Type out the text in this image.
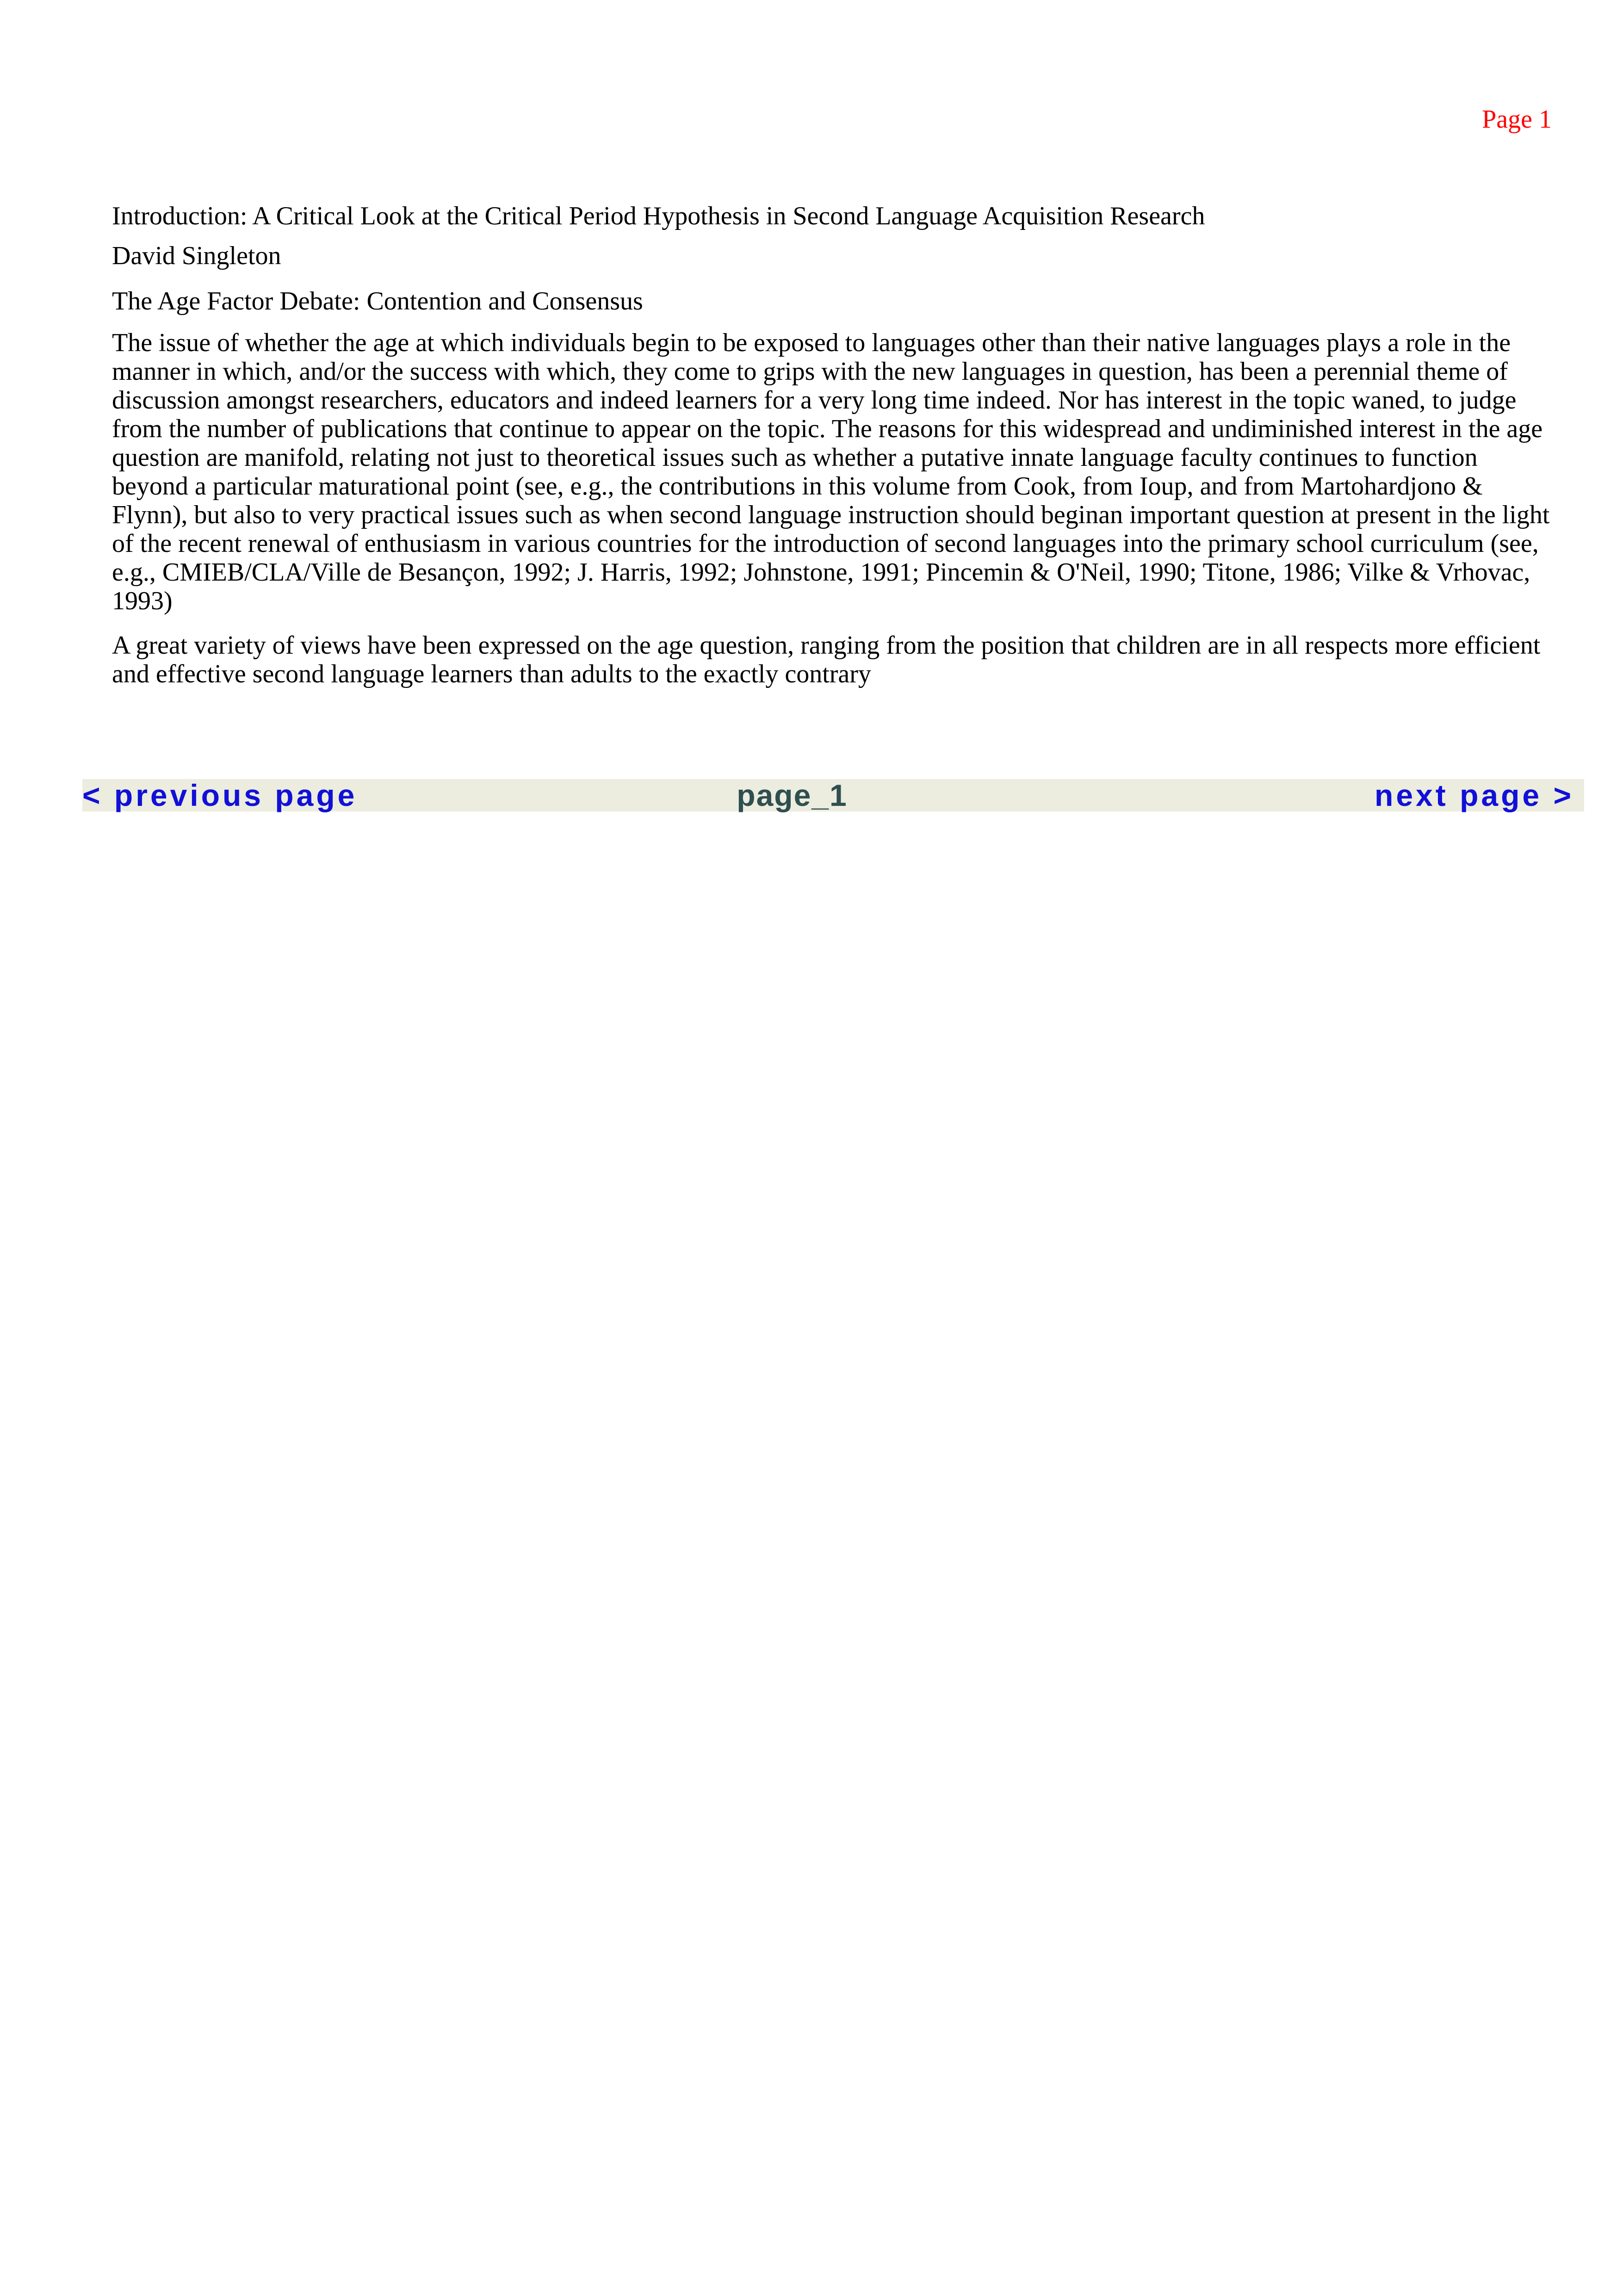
Page 1

Introduction: A Critical Look at the Critical Period Hypothesis in Second Language Acquisition Research

David Singleton

The Age Factor Debate: Contention and Consensus

The issue of whether the age at which individuals begin to be exposed to languages other than their native languages plays a role in the manner in which, and/or the success with which, they come to grips with the new languages in question, has been a perennial theme of discussion amongst researchers, educators and indeed learners for a very long time indeed. Nor has interest in the topic waned, to judge from the number of publications that continue to appear on the topic. The reasons for this widespread and undiminished interest in the age question are manifold, relating not just to theoretical issues such as whether a putative innate language faculty continues to function beyond a particular maturational point (see, e.g., the contributions in this volume from Cook, from Ioup, and from Martohardjono & Flynn), but also to very practical issues such as when second language instruction should beginan important question at present in the light of the recent renewal of enthusiasm in various countries for the introduction of second languages into the primary school curriculum (see, e.g., CMIEB/CLA/Ville de Besançon, 1992; J. Harris, 1992; Johnstone, 1991; Pincemin & O'Neil, 1990; Titone, 1986; Vilke & Vrhovac, 1993)

A great variety of views have been expressed on the age question, ranging from the position that children are in all respects more efficient and effective second language learners than adults to the exactly contrary

page_1
< previous page	next page >
